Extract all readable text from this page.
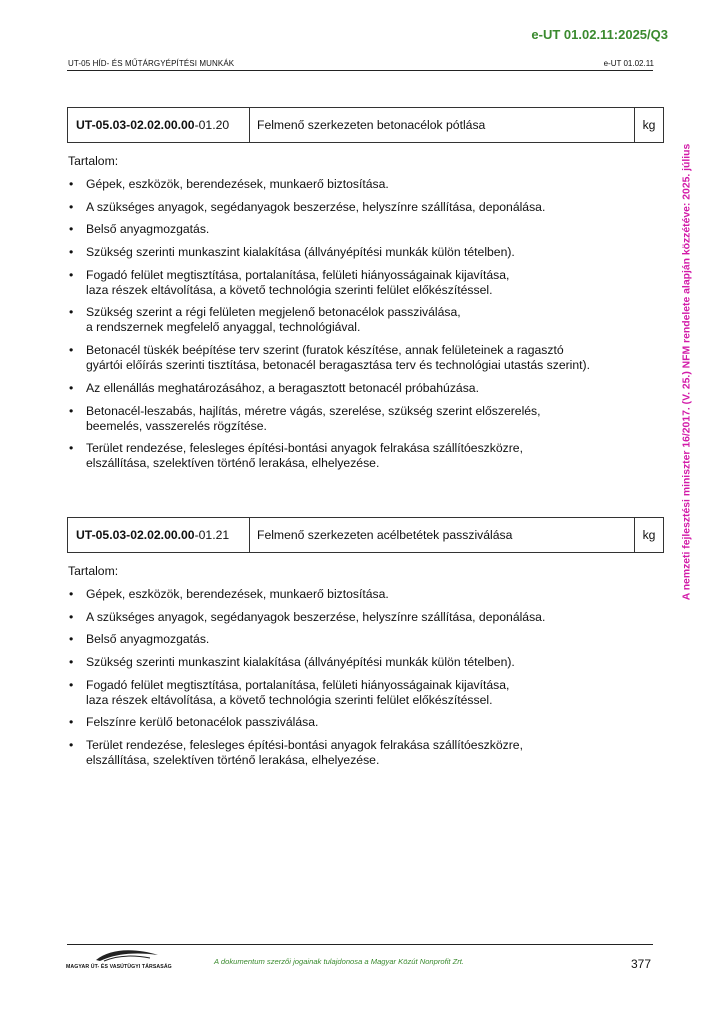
e-UT 01.02.11:2025/Q3
UT-05 HÍD- ÉS MŰTÁRGYÉPÍTÉSI MUNKÁK	e-UT 01.02.11
A nemzeti fejlesztési miniszter 16/2017. (V. 25.) NFM rendelete alapján közzétéve: 2025. július
UT-05.03-02.02.00.00 -01.20	Felmenő szerkezeten betonacélok pótlása	kg
Tartalom:
• Gépek, eszközök, berendezések, munkaerő biztosítása.
• A szükséges anyagok, segédanyagok beszerzése, helyszínre szállítása, deponálása.
• Belső anyagmozgatás.
• Szükség szerinti munkaszint kialakítása (állványépítési munkák külön tételben).
• Fogadó felület megtisztítása, portalanítása, felületi hiányosságainak kijavítása,
laza részek eltávolítása, a követő technológia szerinti felület előkészítéssel.
• Szükség szerint a régi felületen megjelenő betonacélok passziválása,
a rendszernek megfelelő anyaggal, technológiával.
• Betonacél tüskék beépítése terv szerint (furatok készítése, annak felületeinek a ragasztó
gyártói előírás szerinti tisztítása, betonacél beragasztása terv és technológiai utastás szerint).
• Az ellenállás meghatározásához, a beragasztott betonacél próbahúzása.
• Betonacél-leszabás, hajlítás, méretre vágás, szerelése, szükség szerint előszerelés,
beemelés, vasszerelés rögzítése.
• Terület rendezése, felesleges építési-bontási anyagok felrakása szállítóeszközre,
elszállítása, szelektíven történő lerakása, elhelyezése.
UT-05.03-02.02.00.00 -01.21	Felmenő szerkezeten acélbetétek passziválása	kg
Tartalom:
• Gépek, eszközök, berendezések, munkaerő biztosítása.
• A szükséges anyagok, segédanyagok beszerzése, helyszínre szállítása, deponálása.
• Belső anyagmozgatás.
• Szükség szerinti munkaszint kialakítása (állványépítési munkák külön tételben).
• Fogadó felület megtisztítása, portalanítása, felületi hiányosságainak kijavítása,
laza részek eltávolítása, a követő technológia szerinti felület előkészítéssel.
• Felszínre kerülő betonacélok passziválása.
• Terület rendezése, felesleges építési-bontási anyagok felrakása szállítóeszközre,
elszállítása, szelektíven történő lerakása, elhelyezése.
MAGYAR ÚT- ÉS VASÚTÜGYI TÁRSASÁG
A dokumentum szerzői jogainak tulajdonosa a Magyar Közút Nonprofit Zrt.	377
